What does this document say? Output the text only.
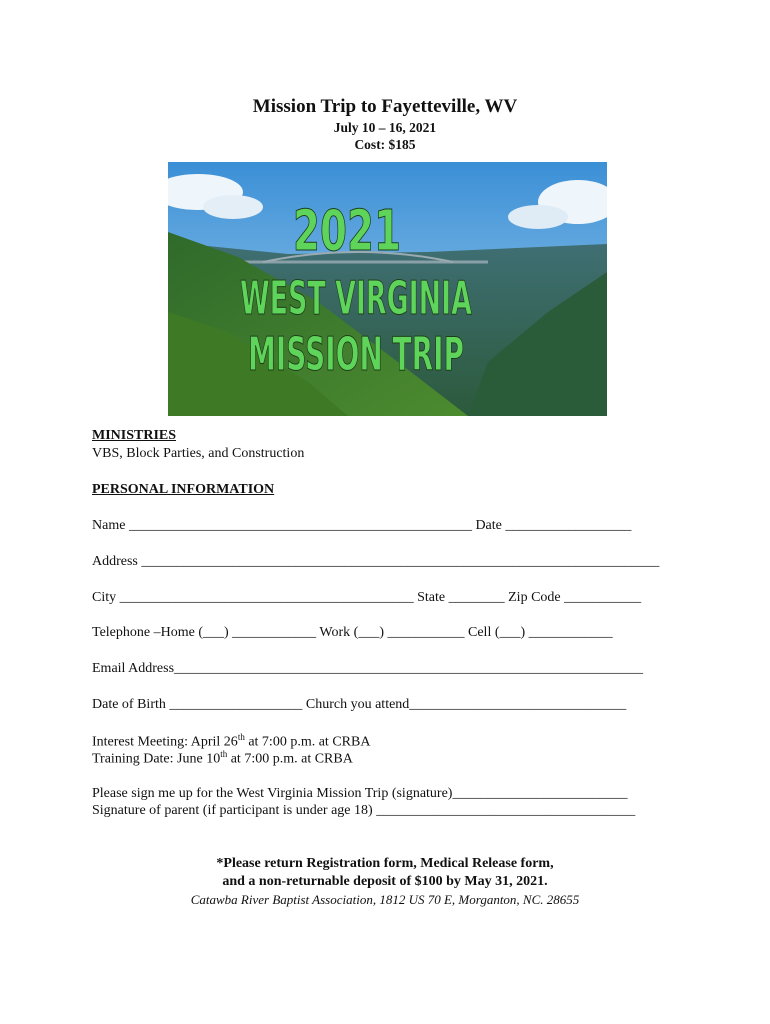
Mission Trip to Fayetteville, WV
July 10 – 16, 2021
Cost: $185
2021
WEST VIRGINIA
MISSION TRIP
MINISTRIES
VBS, Block Parties, and Construction
PERSONAL INFORMATION
Name _________________________________________________ Date __________________
Address __________________________________________________________________________
City __________________________________________ State ________ Zip Code ___________
Telephone –Home (___) ____________ Work (___) ___________ Cell (___) ____________
Email Address___________________________________________________________________
Date of Birth ___________________ Church you attend_______________________________
Interest Meeting: April 26th at 7:00 p.m. at CRBA
Training Date: June 10th at 7:00 p.m. at CRBA
Please sign me up for the West Virginia Mission Trip (signature)_________________________
Signature of parent (if participant is under age 18) _____________________________________
*Please return Registration form, Medical Release form,
and a non-returnable deposit of $100 by May 31, 2021.
Catawba River Baptist Association, 1812 US 70 E, Morganton, NC. 28655
